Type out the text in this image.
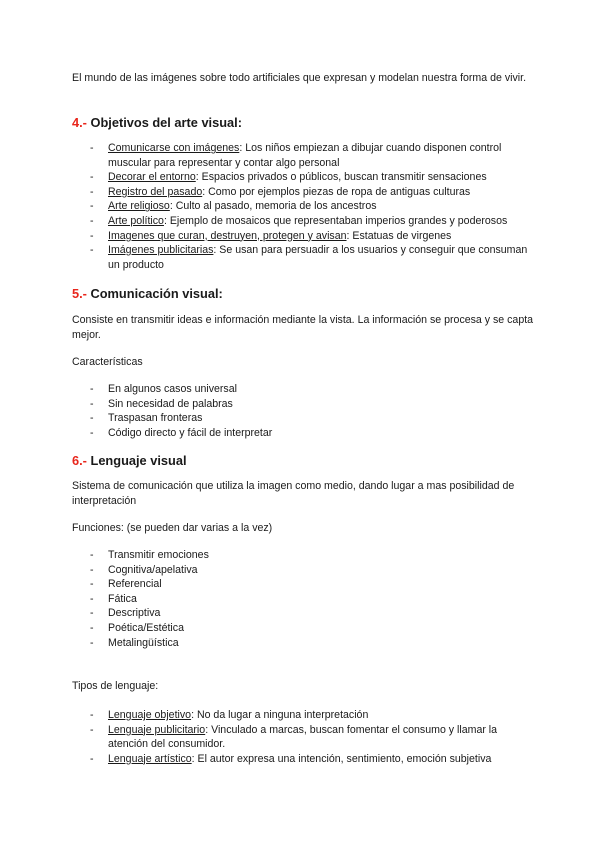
El mundo de las imágenes sobre todo artificiales que expresan y modelan nuestra forma de vivir.

4.- Objetivos del arte visual:
- Comunicarse con imágenes: Los niños empiezan a dibujar cuando disponen control muscular para representar y contar algo personal
- Decorar el entorno: Espacios privados o públicos, buscan transmitir sensaciones
- Registro del pasado: Como por ejemplos piezas de ropa de antiguas culturas
- Arte religioso: Culto al pasado, memoria de los ancestros
- Arte político: Ejemplo de mosaicos que representaban imperios grandes y poderosos
- Imagenes que curan, destruyen, protegen y avisan: Estatuas de virgenes
- Imágenes publicitarias: Se usan para persuadir a los usuarios y conseguir que consuman un producto
5.- Comunicación visual:

Consiste en transmitir ideas e información mediante la vista. La información se procesa y se capta mejor.

Características

- En algunos casos universal
- Sin necesidad de palabras
- Traspasan fronteras
- Código directo y fácil de interpretar
6.- Lenguaje visual

Sistema de comunicación que utiliza la imagen como medio, dando lugar a mas posibilidad de interpretación

Funciones: (se pueden dar varias a la vez)

- Transmitir emociones
- Cognitiva/apelativa
- Referencial
- Fática
- Descriptiva
- Poética/Estética
- Metalingüística

Tipos de lenguaje:

- Lenguaje objetivo: No da lugar a ninguna interpretación
- Lenguaje publicitario: Vinculado a marcas, buscan fomentar el consumo y llamar la atención del consumidor.
- Lenguaje artístico: El autor expresa una intención, sentimiento, emoción subjetiva
